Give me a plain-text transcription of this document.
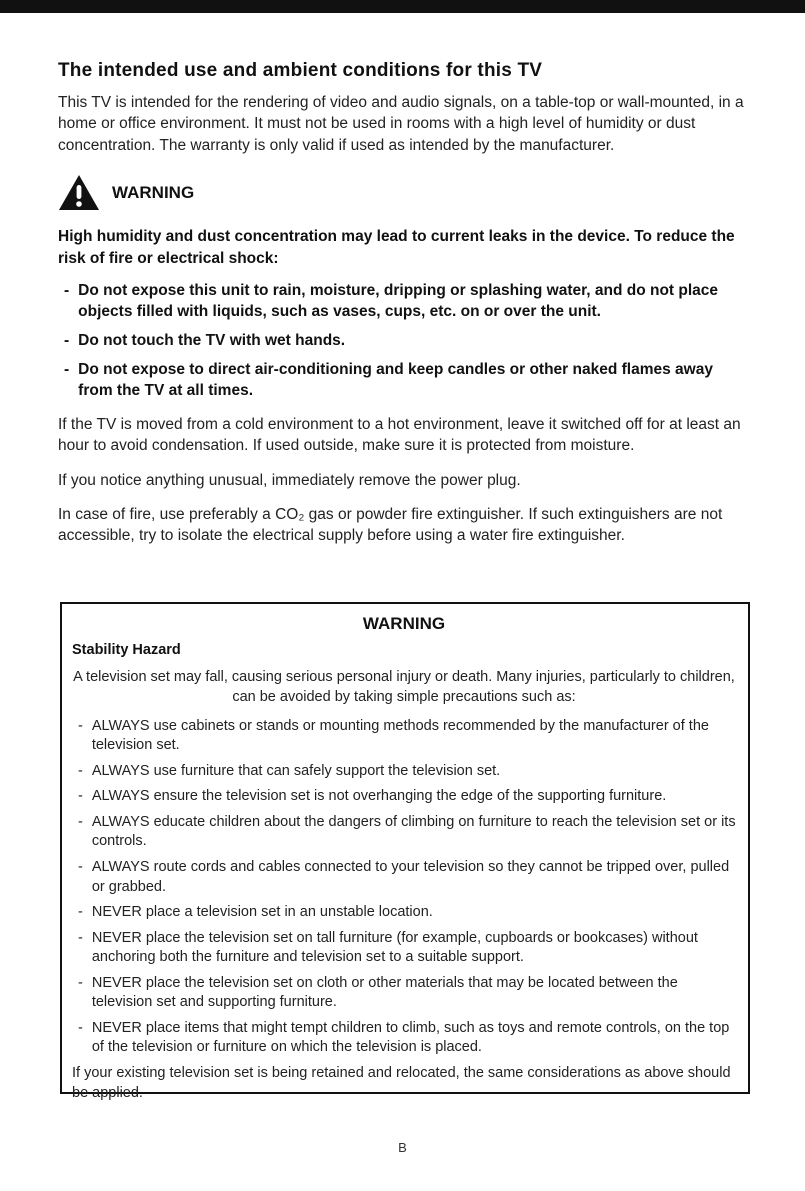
The intended use and ambient conditions for this TV

This TV is intended for the rendering of video and audio signals, on a table-top or wall-mounted, in a home or office environment. It must not be used in rooms with a high level of humidity or dust concentration. The warranty is only valid if used as intended by the manufacturer.

WARNING

High humidity and dust concentration may lead to current leaks in the device. To reduce the risk of fire or electrical shock:

- Do not expose this unit to rain, moisture, dripping or splashing water, and do not place objects filled with liquids, such as vases, cups, etc. on or over the unit.
- Do not touch the TV with wet hands.
- Do not expose to direct air-conditioning and keep candles or other naked flames away from the TV at all times.

If the TV is moved from a cold environment to a hot environment, leave it switched off for at least an hour to avoid condensation. If used outside, make sure it is protected from moisture.

If you notice anything unusual, immediately remove the power plug.

In case of fire, use preferably a CO₂ gas or powder fire extinguisher. If such extinguishers are not accessible, try to isolate the electrical supply before using a water fire extinguisher.

WARNING
Stability Hazard

A television set may fall, causing serious personal injury or death. Many injuries, particularly to children, can be avoided by taking simple precautions such as:

- ALWAYS use cabinets or stands or mounting methods recommended by the manufacturer of the television set.
- ALWAYS use furniture that can safely support the television set.
- ALWAYS ensure the television set is not overhanging the edge of the supporting furniture.
- ALWAYS educate children about the dangers of climbing on furniture to reach the television set or its controls.
- ALWAYS route cords and cables connected to your television so they cannot be tripped over, pulled or grabbed.
- NEVER place a television set in an unstable location.
- NEVER place the television set on tall furniture (for example, cupboards or bookcases) without anchoring both the furniture and television set to a suitable support.
- NEVER place the television set on cloth or other materials that may be located between the television set and supporting furniture.
- NEVER place items that might tempt children to climb, such as toys and remote controls, on the top of the television or furniture on which the television is placed.

If your existing television set is being retained and relocated, the same considerations as above should be applied.

B
